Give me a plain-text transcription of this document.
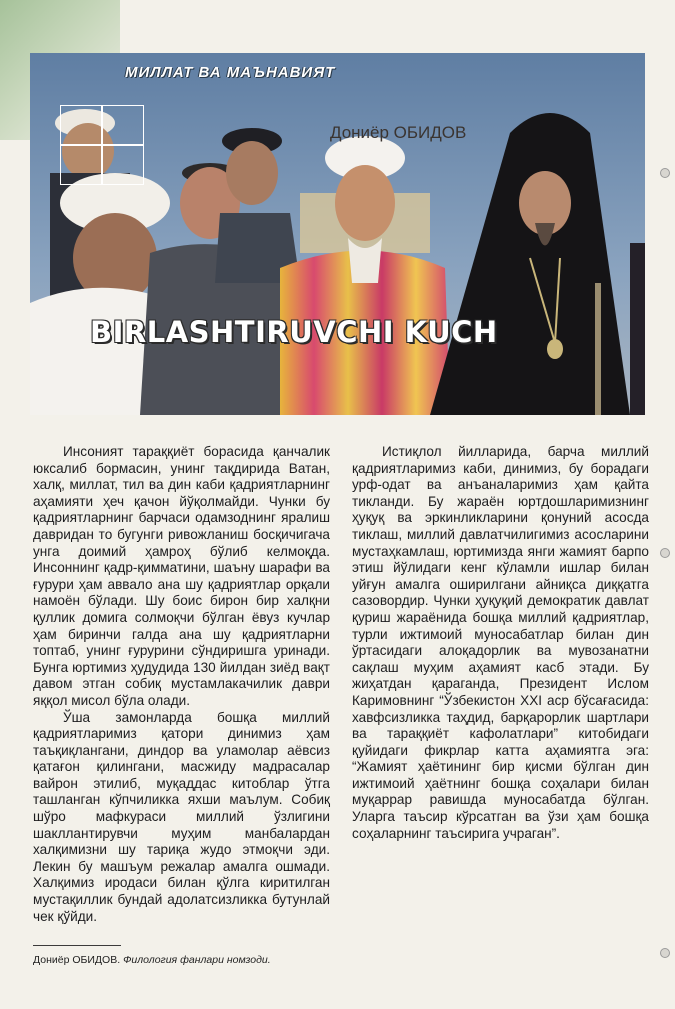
МИЛЛАТ ВА МАЪНАВИЯТ
Дониёр ОБИДОВ
BIRLASHTIRUVCHI KUCH

Инсоният тараққиёт борасида қанчалик юксалиб бормасин, унинг тақдирида Ватан, халқ, миллат, тил ва дин каби қадриятларнинг аҳамияти ҳеч қачон йўқолмайди. Чунки бу қадриятларнинг барчаси одамзоднинг яралиш давридан то бугунги ривожланиш босқичигача унга доимий ҳамроҳ бўлиб келмоқда. Инсоннинг қадр-қимматини, шаъну шарафи ва ғурури ҳам аввало ана шу қадриятлар орқали намоён бўлади. Шу боис бирон бир халқни қуллик домига солмоқчи бўлган ёвуз кучлар ҳам биринчи галда ана шу қадриятларни топтаб, унинг ғурурини сўндиришга уринади. Бунга юртимиз ҳудудида 130 йилдан зиёд вақт давом этган собиқ мустамлакачилик даври яққол мисол бўла олади.

Ўша замонларда бошқа миллий қадриятларимиз қатори динимиз ҳам таъқиқлангани, диндор ва уламолар аёвсиз қатағон қилингани, масжиду мадрасалар вайрон этилиб, муқаддас китоблар ўтга ташланган кўпчиликка яхши маълум. Собиқ шўро мафкураси миллий ўзлигини шакллантирувчи муҳим манбалардан халқимизни шу тариқа жудо этмоқчи эди. Лекин бу машъум режалар амалга ошмади. Халқимиз иродаси билан қўлга киритилган мустақиллик бундай адолатсизликка бутунлай чек қўйди.

Истиқлол йилларида, барча миллий қадриятларимиз каби, динимиз, бу борадаги урф-одат ва анъаналаримиз ҳам қайта тикланди. Бу жараён юртдошларимизнинг ҳуқуқ ва эркинликларини қонуний асосда тиклаш, миллий давлатчилигимиз асосларини мустаҳкамлаш, юртимизда янги жамият барпо этиш йўлидаги кенг кўламли ишлар билан уйғун амалга оширилгани айниқса диққатга сазовордир. Чунки ҳуқуқий демократик давлат қуриш жараёнида бошқа миллий қадриятлар, турли ижтимоий муносабатлар билан дин ўртасидаги алоқадорлик ва мувозанатни сақлаш муҳим аҳамият касб этади. Бу жиҳатдан қараганда, Президент Ислом Каримовнинг “Ўзбекистон XXI аср бўсағасида: хавфсизликка таҳдид, барқарорлик шартлари ва тараққиёт кафолатлари” китобидаги қуйидаги фикрлар катта аҳамиятга эга: “Жамият ҳаётининг бир қисми бўлган дин ижтимоий ҳаётнинг бошқа соҳалари билан муқаррар равишда муносабатда бўлган. Уларга таъсир кўрсатган ва ўзи ҳам бошқа соҳаларнинг таъсирига учраган”.

Дониёр ОБИДОВ. Филология фанлари номзоди.
